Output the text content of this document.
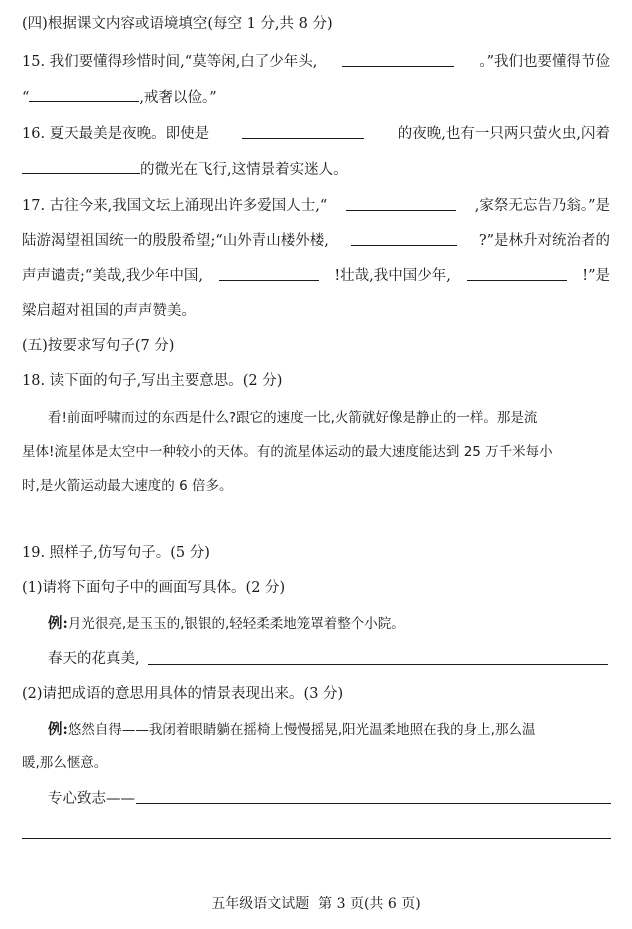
(四)根据课文内容或语境填空(每空 1 分,共 8 分)
15. 我们要懂得珍惜时间,“莫等闲,白了少年头,	。”我们也要懂得节俭
“	,戒奢以俭。”
16. 夏天最美是夜晚。即使是	的夜晚,也有一只两只萤火虫,闪着
的微光在飞行,这情景着实迷人。
17. 古往今来,我国文坛上涌现出许多爱国人士,“	,家祭无忘告乃翁。”是
陆游渴望祖国统一的殷殷希望;“山外青山楼外楼,	?”是林升对统治者的
声声谴责;“美哉,我少年中国,	!壮哉,我中国少年,	!”是
梁启超对祖国的声声赞美。
(五)按要求写句子(7 分)
18. 读下面的句子,写出主要意思。(2 分)
看!前面呼啸而过的东西是什么?跟它的速度一比,火箭就好像是静止的一样。那是流
星体!流星体是太空中一种较小的天体。有的流星体运动的最大速度能达到 25 万千米每小
时,是火箭运动最大速度的 6 倍多。
19. 照样子,仿写句子。(5 分)
(1)请将下面句子中的画面写具体。(2 分)
例:月光很亮,是玉玉的,银银的,轻轻柔柔地笼罩着整个小院。
春天的花真美,
(2)请把成语的意思用具体的情景表现出来。(3 分)
例:悠然自得——我闭着眼睛躺在摇椅上慢慢摇晃,阳光温柔地照在我的身上,那么温
暖,那么惬意。
专心致志——
五年级语文试题  第 3 页(共 6 页)
